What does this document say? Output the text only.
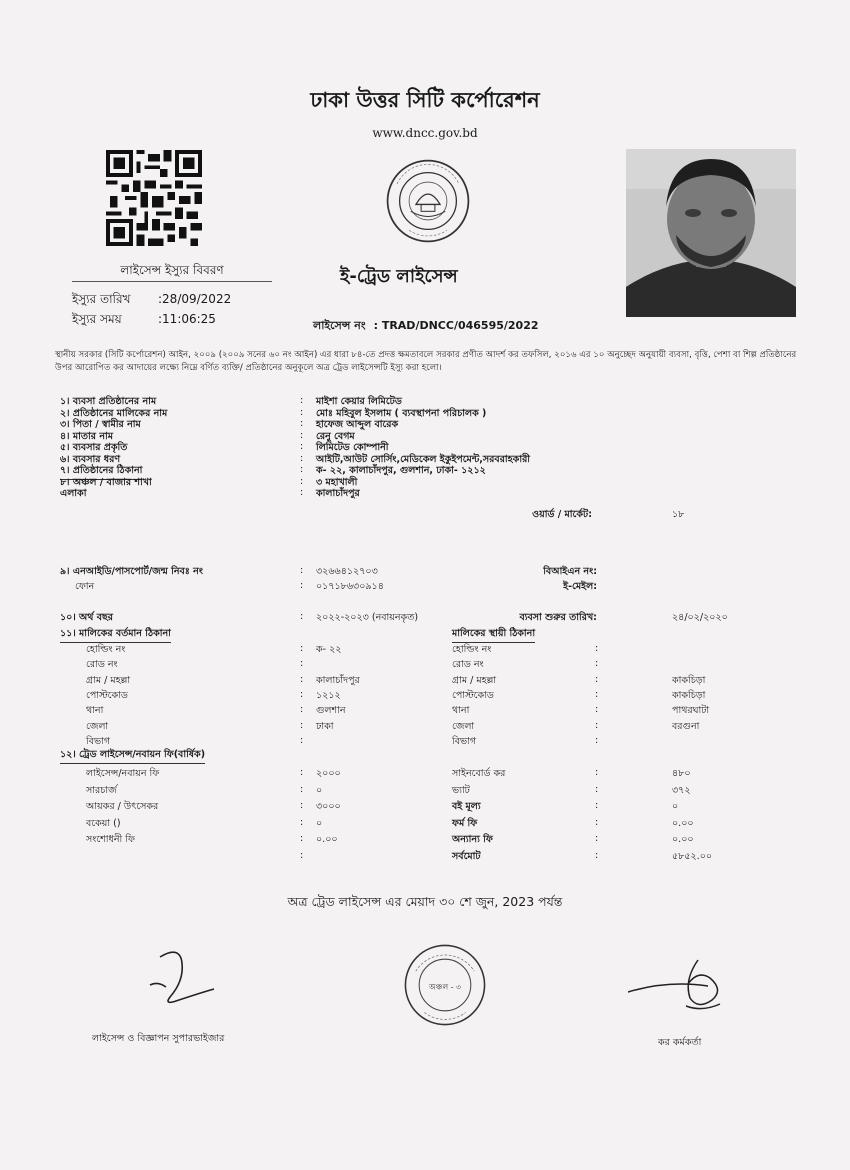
ঢাকা উত্তর সিটি কর্পোরেশন
www.dncc.gov.bd
লাইসেন্স ইস্যুর বিবরণ
ইস্যুর তারিখ :28/09/2022
ইস্যুর সময়	:11:06:25
ই-ট্রেড লাইসেন্স
লাইসেন্স নং : TRAD/DNCC/046595/2022
স্থানীয় সরকার (সিটি কর্পোরেশন) আইন, ২০০৯ (২০০৯ সনের ৬০ নং আইন) এর ধারা ৮৪-তে প্রদত্ত ক্ষমতাবলে সরকার প্রণীত আদর্শ কর তফসিল, ২০১৬ এর ১০ অনুচ্ছেদ অনুযায়ী ব্যবসা, বৃত্তি, পেশা বা শিল্প প্রতিষ্ঠানের উপর আরোপিত কর আদায়ের লক্ষ্যে নিম্নে বর্ণিত ব্যক্তি/ প্রতিষ্ঠানের অনুকূলে অত্র ট্রেড লাইসেন্সটি ইস্যু করা হলো।
১। ব্যবসা প্রতিষ্ঠানের নাম	: মাইশা কেয়ার লিমিটেড
২। প্রতিষ্ঠানের মালিকের নাম	: মোঃ মহিবুল ইসলাম ( ব্যবস্থাপনা পরিচালক )
৩। পিতা / স্বামীর নাম	: হাফেজ আব্দুল বারেক
৪। মাতার নাম	: রেনু বেগম
৫। ব্যবসার প্রকৃতি	: লিমিটেড কোম্পানী
৬। ব্যবসার ধরণ	: আইটি,আউট সোর্সিং,মেডিকেল ইকুইপমেন্ট,সরবরাহকারী
৭। প্রতিষ্ঠানের ঠিকানা	: ক- ২২, কালাচাঁদপুর, গুলশান, ঢাকা- ১২১২
৮। অঞ্চল / বাজার শাখা	: ৩ মহাখালী
এলাকা	: কালাচাঁদপুর
ওয়ার্ড / মার্কেট:	১৮
৯। এনআইডি/পাসপোর্ট/জন্ম নিবঃ নং	: ৩২৬৬৪১২৭০৩	বিআইএন নং:
ফোন	: ০১৭১৮৬৩০৯১৪	ই-মেইল:
১০। অর্থ বছর	: ২০২২-২০২৩ (নবায়নকৃত)	ব্যবসা শুরুর তারিখ:	২৪/০২/২০২০
১১। মালিকের বর্তমান ঠিকানা	মালিকের স্থায়ী ঠিকানা
হোল্ডিং নং	: ক- ২২	হোল্ডিং নং	:
রোড নং	:	রোড নং	:
গ্রাম / মহল্লা	: কালাচাঁদপুর	গ্রাম / মহল্লা	:	কাকচিড়া
পোস্টকোড	: ১২১২	পোস্টকোড	:	কাকচিড়া
থানা	: গুলশান	থানা	:	পাথরঘাটা
জেলা	: ঢাকা	জেলা	:	বরগুনা
বিভাগ	:	বিভাগ	:
১২। ট্রেড লাইসেন্স/নবায়ন ফি(বার্ষিক)
লাইসেন্স/নবায়ন ফি	: ২০০০	সাইনবোর্ড কর	:	৪৮০
সারচার্জ	: ০	ভ্যাট	:	৩৭২
আয়কর / উৎসেকর	: ৩০০০	বই মূল্য	:	০
বকেয়া ()	: ০	ফর্ম ফি	:	০.০০
সংশোধনী ফি	: ০.০০	অন্যান্য ফি	:	০.০০
:	সর্বমোট	:	৫৮৫২.০০
অত্র ট্রেড লাইসেন্স এর মেয়াদ ৩০ শে জুন, 2023 পর্যন্ত
লাইসেন্স ও বিজ্ঞাপন সুপারভাইজার
অঞ্চল - ৩
কর কর্মকর্তা
